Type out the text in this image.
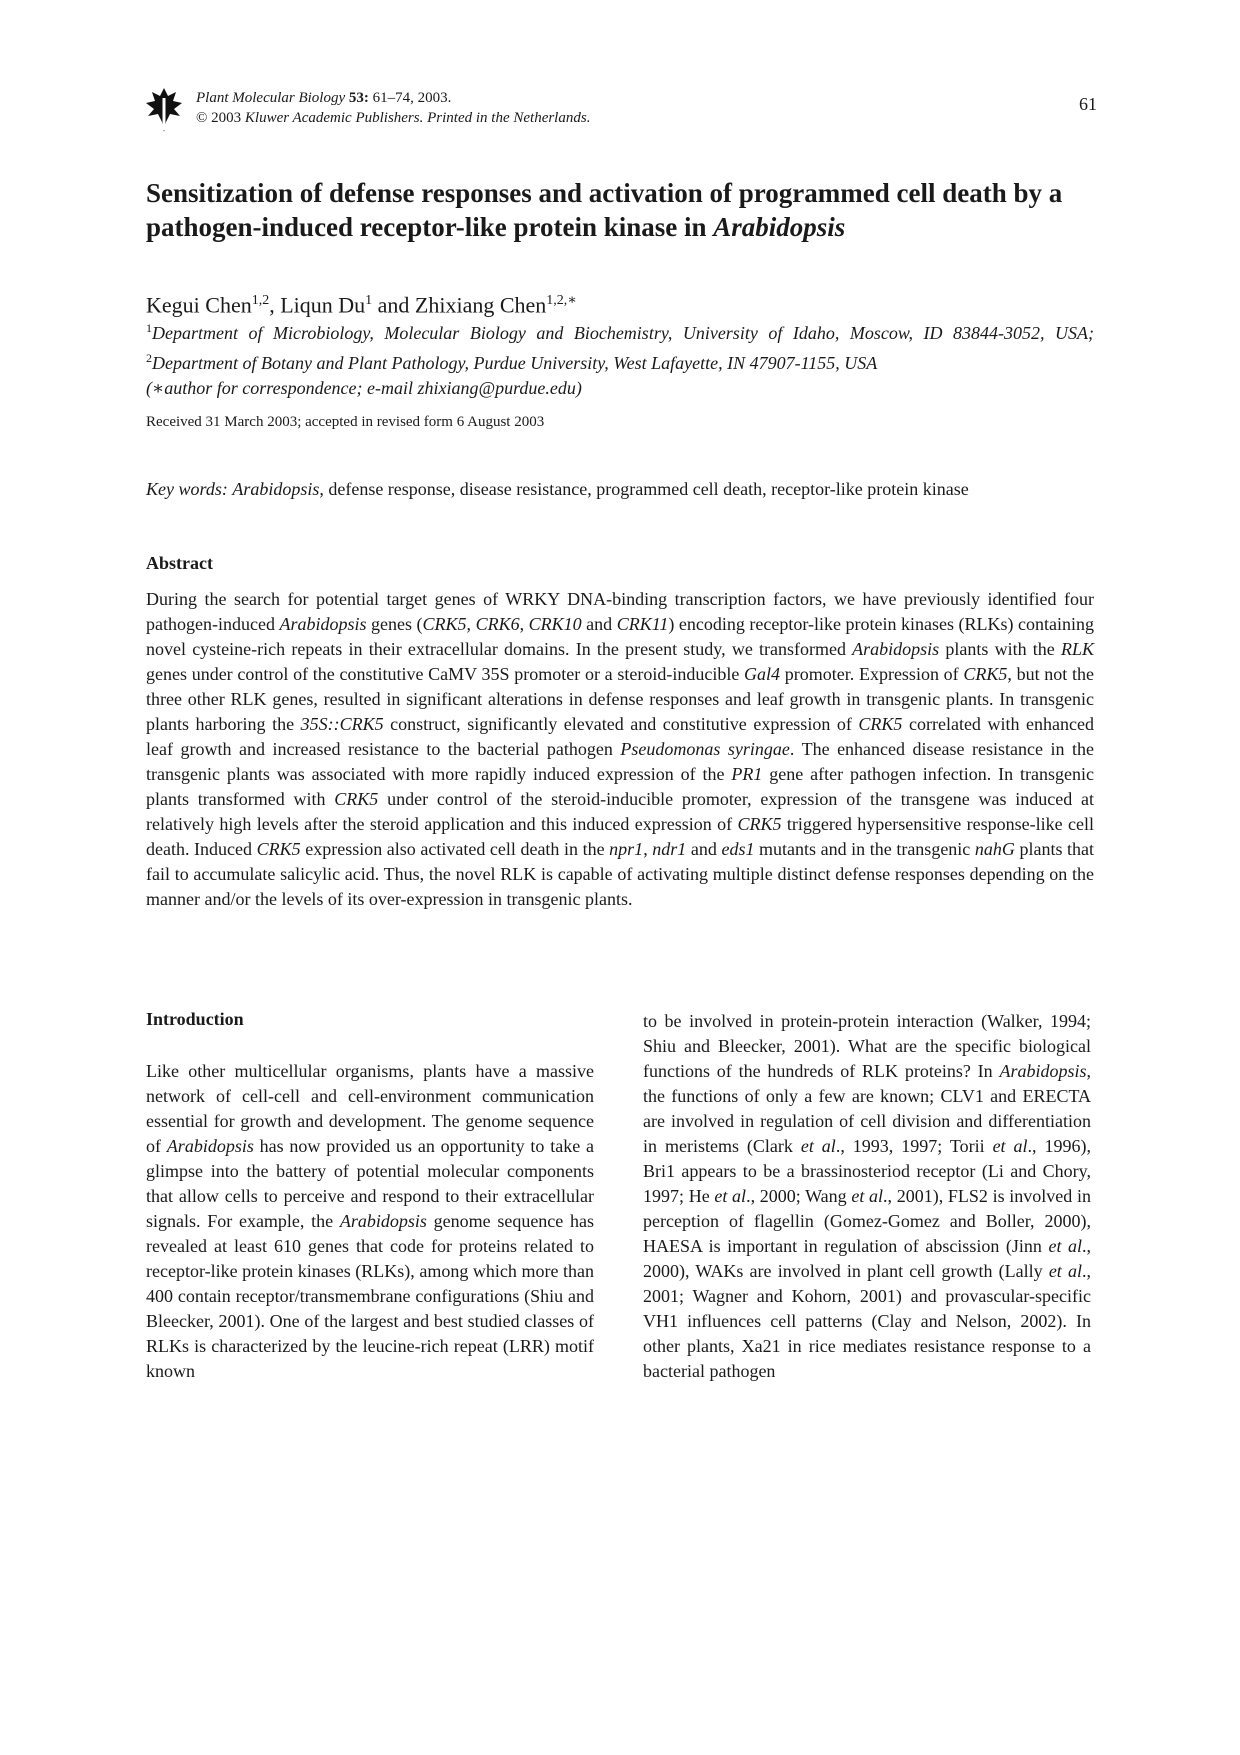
Plant Molecular Biology 53: 61–74, 2003.
© 2003 Kluwer Academic Publishers. Printed in the Netherlands.
61
Sensitization of defense responses and activation of programmed cell death by a pathogen-induced receptor-like protein kinase in Arabidopsis
Kegui Chen$^{1,2}$, Liqun Du$^1$ and Zhixiang Chen$^{1,2,∗}$
$^1$Department of Microbiology, Molecular Biology and Biochemistry, University of Idaho, Moscow, ID 83844-3052, USA; $^2$Department of Botany and Plant Pathology, Purdue University, West Lafayette, IN 47907-1155, USA
(∗author for correspondence; e-mail zhixiang@purdue.edu)
Received 31 March 2003; accepted in revised form 6 August 2003
Key words: Arabidopsis, defense response, disease resistance, programmed cell death, receptor-like protein kinase
Abstract

During the search for potential target genes of WRKY DNA-binding transcription factors, we have previously identified four pathogen-induced Arabidopsis genes (CRK5, CRK6, CRK10 and CRK11) encoding receptor-like protein kinases (RLKs) containing novel cysteine-rich repeats in their extracellular domains. In the present study, we transformed Arabidopsis plants with the RLK genes under control of the constitutive CaMV 35S promoter or a steroid-inducible Gal4 promoter. Expression of CRK5, but not the three other RLK genes, resulted in significant alterations in defense responses and leaf growth in transgenic plants. In transgenic plants harboring the 35S::CRK5 construct, significantly elevated and constitutive expression of CRK5 correlated with enhanced leaf growth and increased resistance to the bacterial pathogen Pseudomonas syringae. The enhanced disease resistance in the transgenic plants was associated with more rapidly induced expression of the PR1 gene after pathogen infection. In transgenic plants transformed with CRK5 under control of the steroid-inducible promoter, expression of the transgene was induced at relatively high levels after the steroid application and this induced expression of CRK5 triggered hypersensitive response-like cell death. Induced CRK5 expression also activated cell death in the npr1, ndr1 and eds1 mutants and in the transgenic nahG plants that fail to accumulate salicylic acid. Thus, the novel RLK is capable of activating multiple distinct defense responses depending on the manner and/or the levels of its over-expression in transgenic plants.

Introduction

Like other multicellular organisms, plants have a massive network of cell-cell and cell-environment communication essential for growth and development. The genome sequence of Arabidopsis has now provided us an opportunity to take a glimpse into the battery of potential molecular components that allow cells to perceive and respond to their extracellular signals. For example, the Arabidopsis genome sequence has revealed at least 610 genes that code for proteins related to receptor-like protein kinases (RLKs), among which more than 400 contain receptor/transmembrane configurations (Shiu and Bleecker, 2001). One of the largest and best studied classes of RLKs is characterized by the leucine-rich repeat (LRR) motif known

to be involved in protein-protein interaction (Walker, 1994; Shiu and Bleecker, 2001). What are the specific biological functions of the hundreds of RLK proteins? In Arabidopsis, the functions of only a few are known; CLV1 and ERECTA are involved in regulation of cell division and differentiation in meristems (Clark et al., 1993, 1997; Torii et al., 1996), Bri1 appears to be a brassinosteriod receptor (Li and Chory, 1997; He et al., 2000; Wang et al., 2001), FLS2 is involved in perception of flagellin (Gomez-Gomez and Boller, 2000), HAESA is important in regulation of abscission (Jinn et al., 2000), WAKs are involved in plant cell growth (Lally et al., 2001; Wagner and Kohorn, 2001) and provascular-specific VH1 influences cell patterns (Clay and Nelson, 2002). In other plants, Xa21 in rice mediates resistance response to a bacterial pathogen
